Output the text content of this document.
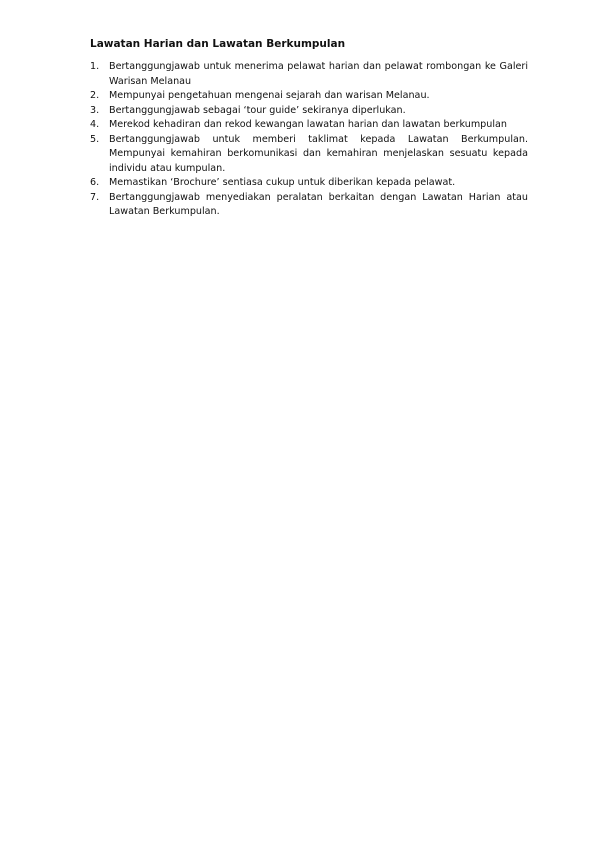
Lawatan Harian dan Lawatan Berkumpulan
1.	Bertanggungjawab untuk menerima pelawat harian dan pelawat rombongan ke Galeri Warisan Melanau
2.	Mempunyai pengetahuan mengenai sejarah dan warisan Melanau.
3.	Bertanggungjawab sebagai ‘tour guide’ sekiranya diperlukan.
4.	Merekod kehadiran dan rekod kewangan lawatan harian dan lawatan berkumpulan
5.	Bertanggungjawab untuk memberi taklimat kepada Lawatan Berkumpulan. Mempunyai kemahiran berkomunikasi dan kemahiran menjelaskan sesuatu kepada individu atau kumpulan.
6.	Memastikan ‘Brochure’ sentiasa cukup untuk diberikan kepada pelawat.
7.	Bertanggungjawab menyediakan peralatan berkaitan dengan Lawatan Harian atau Lawatan Berkumpulan.
